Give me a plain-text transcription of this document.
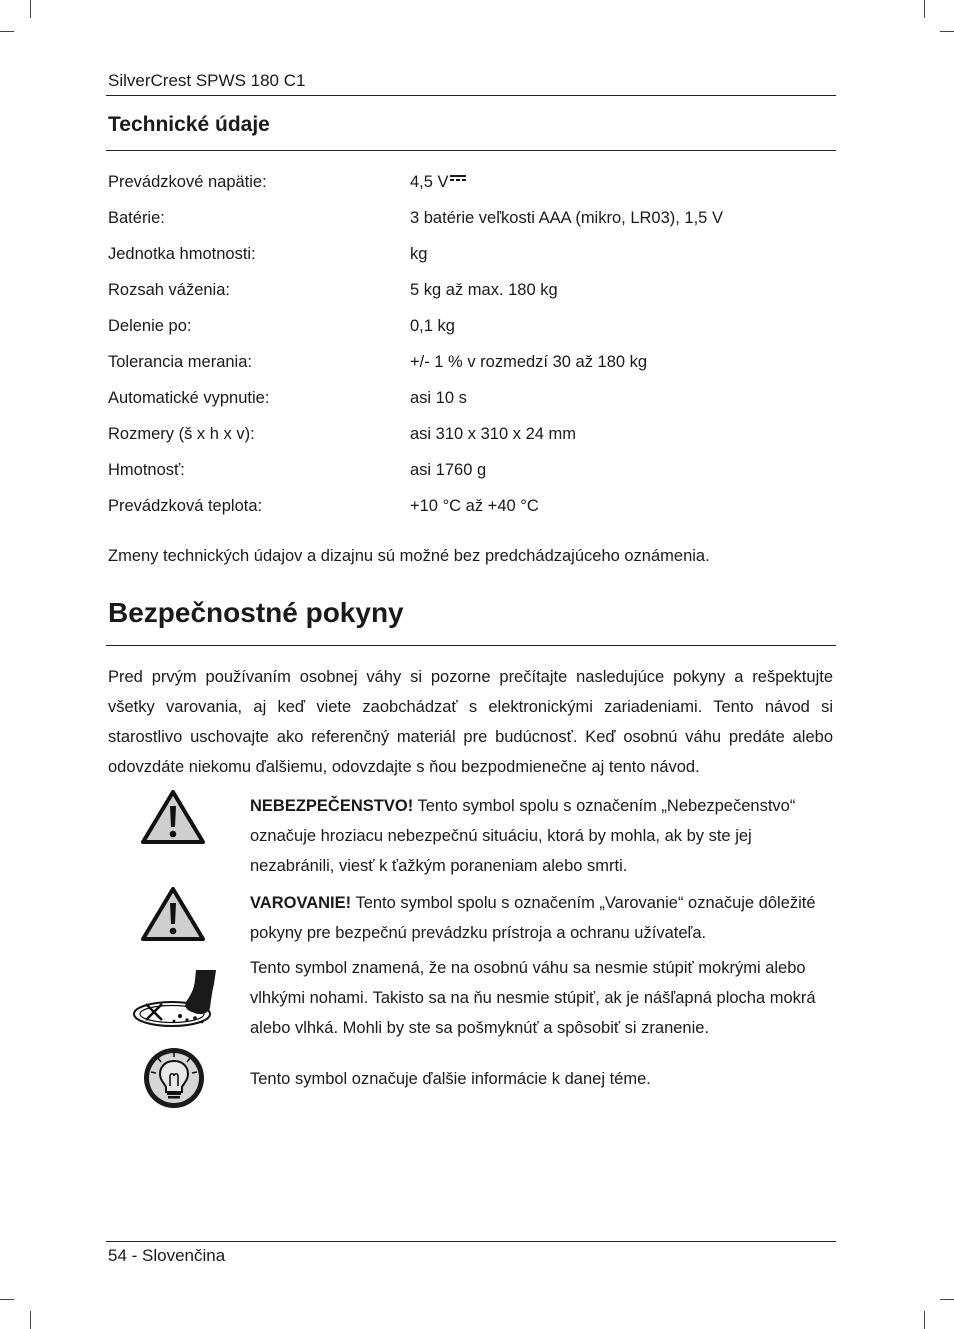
SilverCrest SPWS 180 C1
Technické údaje
Prevádzkové napätie:	4,5 V
Batérie:	3 batérie veľkosti AAA (mikro, LR03), 1,5 V
Jednotka hmotnosti:	kg
Rozsah váženia:	5 kg až max. 180 kg
Delenie po:	0,1 kg
Tolerancia merania:	+/- 1 % v rozmedzí 30 až 180 kg
Automatické vypnutie:	asi 10 s
Rozmery (š x h x v):	asi 310 x 310 x 24 mm
Hmotnosť:	asi 1760 g
Prevádzková teplota:	+10 °C až +40 °C
Zmeny technických údajov a dizajnu sú možné bez predchádzajúceho oznámenia.
Bezpečnostné pokyny
Pred prvým používaním osobnej váhy si pozorne prečítajte nasledujúce pokyny a rešpektujte všetky varovania, aj keď viete zaobchádzať s elektronickými zariadeniami. Tento návod si starostlivo uschovajte ako referenčný materiál pre budúcnosť. Keď osobnú váhu predáte alebo odovzdáte niekomu ďalšiemu, odovzdajte s ňou bezpodmienečne aj tento návod.
NEBEZPEČENSTVO! Tento symbol spolu s označením „Nebezpečenstvo“ označuje hroziacu nebezpečnú situáciu, ktorá by mohla, ak by ste jej nezabránili, viesť k ťažkým poraneniam alebo smrti.
VAROVANIE! Tento symbol spolu s označením „Varovanie“ označuje dôležité pokyny pre bezpečnú prevádzku prístroja a ochranu užívateľa.
Tento symbol znamená, že na osobnú váhu sa nesmie stúpiť mokrými alebo vlhkými nohami. Takisto sa na ňu nesmie stúpiť, ak je nášľapná plocha mokrá alebo vlhká. Mohli by ste sa pošmyknúť a spôsobiť si zranenie.
Tento symbol označuje ďalšie informácie k danej téme.
54 - Slovenčina
